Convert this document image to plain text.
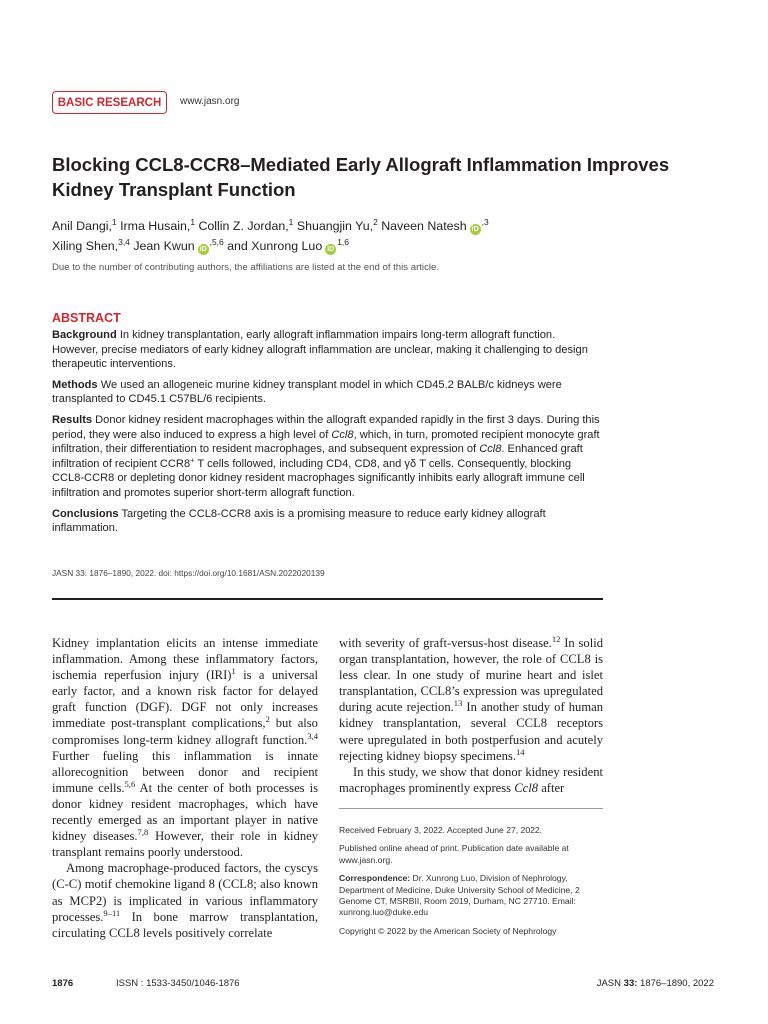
BASIC RESEARCH	www.jasn.org
Blocking CCL8-CCR8–Mediated Early Allograft Inflammation Improves Kidney Transplant Function
Anil Dangi,$^1$ Irma Husain,$^1$ Collin Z. Jordan,$^1$ Shuangjin Yu,$^2$ Naveen Natesh $iD^{,3}$
Xiling Shen,$^{3,4}$ Jean Kwun $iD^{,5,6}$ and Xunrong Luo iD$^{1,6}$
Due to the number of contributing authors, the affiliations are listed at the end of this article.
ABSTRACT

Background In kidney transplantation, early allograft inflammation impairs long-term allograft function. However, precise mediators of early kidney allograft inflammation are unclear, making it challenging to design therapeutic interventions.

Methods We used an allogeneic murine kidney transplant model in which CD45.2 BALB/c kidneys were transplanted to CD45.1 C57BL/6 recipients.

Results Donor kidney resident macrophages within the allograft expanded rapidly in the first 3 days. During this period, they were also induced to express a high level of Ccl8, which, in turn, promoted recipient monocyte graft infiltration, their differentiation to resident macrophages, and subsequent expression of Ccl8. Enhanced graft infiltration of recipient CCR8+ T cells followed, including CD4, CD8, and γδ T cells. Consequently, blocking CCL8-CCR8 or depleting donor kidney resident macrophages significantly inhibits early allograft immune cell infiltration and promotes superior short-term allograft function.

Conclusions Targeting the CCL8-CCR8 axis is a promising measure to reduce early kidney allograft inflammation.

JASN 33: 1876–1890, 2022. doi: https://doi.org/10.1681/ASN.2022020139

Kidney implantation elicits an intense immediate inflammation. Among these inflammatory factors, ischemia reperfusion injury (IRI)$^1$ is a universal early factor, and a known risk factor for delayed graft function (DGF). DGF not only increases immediate post-transplant complications,$^2$ but also compromises long-term kidney allograft function.$^{3,4}$ Further fueling this inflammation is innate allorecognition between donor and recipient immune cells.$^{5,6}$ At the center of both processes is donor kidney resident macrophages, which have recently emerged as an important player in native kidney diseases.$^{7,8}$ However, their role in kidney transplant remains poorly understood.

Among macrophage-produced factors, the cyscys (C-C) motif chemokine ligand 8 (CCL8; also known as MCP2) is implicated in various inflammatory processes.$^{9-11}$ In bone marrow transplantation, circulating CCL8 levels positively correlate

with severity of graft-versus-host disease.$^{12}$ In solid organ transplantation, however, the role of CCL8 is less clear. In one study of murine heart and islet transplantation, CCL8’s expression was upregulated during acute rejection.$^{13}$ In another study of human kidney transplantation, several CCL8 receptors were upregulated in both postperfusion and acutely rejecting kidney biopsy specimens.$^{14}$

In this study, we show that donor kidney resident macrophages prominently express Ccl8 after

Received February 3, 2022. Accepted June 27, 2022.

Published online ahead of print. Publication date available at www.jasn.org.

Correspondence: Dr. Xunrong Luo, Division of Nephrology, Department of Medicine, Duke University School of Medicine, 2 Genome CT, MSRBII, Room 2019, Durham, NC 27710. Email: xunrong.luo@duke.edu

Copyright © 2022 by the American Society of Nephrology

1876	ISSN : 1533-3450/1046-1876	JASN 33: 1876–1890, 2022
